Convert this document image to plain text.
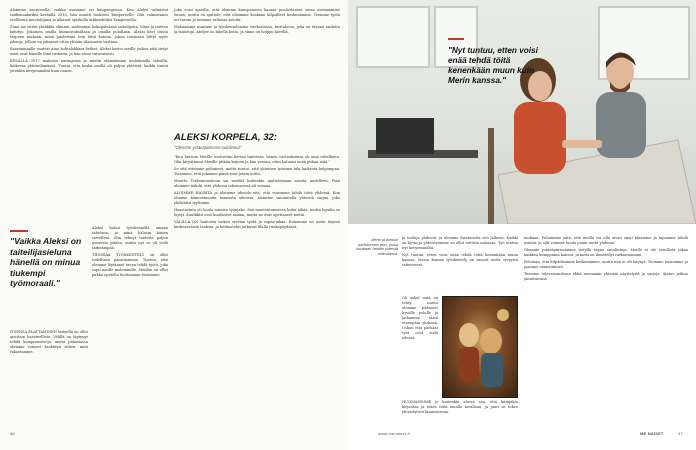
Aloimme seurustella, vaikka asuimme eri kaupungeissa. Kun Aleksi valmistui taidemaalariksi keväällä 2010, hän muutti luokseni Tampereelle. Olin valmistanut teollisena muotoilijana ja aikanut opiskella arkkitehtiksi Tampereella.

Siinä me sitten yhtäkkiä olimme, molemmat kokopäiväisiä taiteilijoita. Minä ja taiteen kehitys. Jokainen omilla kiinnostuksillaan ja omalla polullaan. Aleksi kävi töissä tarpeen mukaan, minä puolestani tein töitä kotona, johon toisinaan liittyi myös jaksoja, jolloin en jaksanut ottaa yhtään tilaisuutta vastaan.

Saariminnalle osuivat aina kohtalokkaat hetket. Aleksi kertoi meille joskus että tietyt asiat ovat hänelle liian raskaita, ja hän eteni varovaisesti.

KESÄLLÄ 2017 maksoin auringossa ja mietin elämäämme molemmilla tahoilla, kaikessa yhteiselämässä. Tuntui, että koska meillä oli paljon yhteistä, kaikki tuntui jotenkin kevyemmältä kuin ennen.

"Vaikka Aleksi on taiteilijasieluna hänellä on minua tiukempi työmoraali."

Aleksi halusi työskennellä omaan tahtiinsa, ja minä halusin hänen vierelleni. Olin tehnyt taidetta paljon nuoresta pitäen, mutta nyt se oli vielä tärkeämpää.

THOSSAA TYÖSKENTELY on ollut todellinen paratiisimme. Tuntuu, että olemme löytäneet tavan tehdä työtä, joka sopii meille molemmille. Meidän on ollut pakko opetella luottamaan toisiimme.

ITSENSÄ ELÄTTÄMINEN taiteella on ollut ajoittain haasteellista. Välillä on täytynyt tehdä kompromisseja, mutta pääasiassa olemme voineet keskittyä siihen, mitä rakastamme.

Joku voisi ajatella, että olemme kuuspaineen kanssa puolustaneet omaa asemaamme ennen, mutta en ajattele, että olisimme koskaan kilpailleet keskenämme. Teemme työtä eri tavoin ja teemme erilaisia asioita.

Mahaamme asumme ja työskentelemme vuokratussa, kivitalossa, joka on täynnä taidetta ja muistoja. Ateljee on lähellä kotia, ja sinne on helppo kävellä.

ALEKSI KORPELA, 32:
"Olemme ystäväpiirimme outolinnut"

"Kun herrom Merille osoitettiin kertaa taiteessa, hänen vastauksensa oli aina rehellinen. Olin kirjoittanut Merille pitkän kirjeen ja hän vastasi, ettei haluaisi enää puhua siitä."

Se sitä ettemme puhuneet, mutta tuntui, että yhteinen työmme teki kaikesta helpompaa. Tiesimme, että jokainen päivä toisi jotain uutta.

Muutto Torkonmuukoon sai meidät kuitenkin ajattelemaan asioita uudelleen. Pian aloimme nähdä, että yhdessä tekemisessä oli voimaa.

ALOIMME HAVAITA ja aloimme ideoida sitä, että voisimme tehdä töitä yhdessä. Kun olimme kiinnostuneita samoista aiheista, aloimme suunnitella yhteistä sarjaa, joka yhdistäisi tyylimme.

Haastavinta oli luoda toimiva työnjako. Sen muotoutumiseen kului aikaa, mutta lopulta se löytyi. Konfliktit ovat kuuluneet asiaan, mutta ne ovat opettaneet meitä.

VÄLILLÄ ON haitoista vaikea erottaa työtä ja vapaa-aikaa. Kotiamme on usein täynnä keskeneräisiä teoksia, ja keskustelut jatkuvat illalla ruokapöydässä.

46
"Nyt tuntuu, etten voisi enää tehdä töitä kenenkään muun kuin Merin kanssa."
Merin ja Aleksin pariskunnan teos, jossa kuvataan heidän yhteistä elämäänsä.

ja tauluja yhdessä, ja olemme ihastuneita sen jälkeen. Kaikki on hyvin ja yhteistyömme on ollut erittäin antoisaa. Työ tuntuu nyt kevyemmältä.

Nyt tuntuu, etten voisi enää tehdä töitä kenenkään muun kanssa. Merin kanssa työskentely on tuonut uutta syvyyttä taiteeseeni.

Oli askel mitä on tehty, mutta olemme päässeet hyvälle polulle ja jatkamme tästä eteenpäin yhdessä. Uskon että parhaat työt ovat vielä edessä.

HUOMASIMME jo kuitenkin alussa sen, että kumpikin kirjoittaa ja tekee töitä omalla tavallaan, ja juuri se tekee yhteistyöstä kiinnostavaa.

mukaan. Puhuimme siitä, että meillä voi olla aivan omat ideamme ja tapamme tehdä asioita, ja silti voimme luoda jotain uutta yhdessä.

Olemme ystäväpiirissämme tietyllä tapaa outolintuja. Meille ei ole tavallista jakaa kaikkea kumppanin kanssa, ja moni on ihmetellyt ratkaisuamme.

Pelotaan, että kilpailisimme keskenämme, mutta niin ei ole käynyt. Tuemme toisiamme ja jaamme onnistumiset.

Teemme tulevaisuudessa ehkä enemmän yhteisiä näyttelyitä ja sarjoja. Ajatus jatkuu jännittävänä.

www.menaiset.fi	ME NAISET	47
